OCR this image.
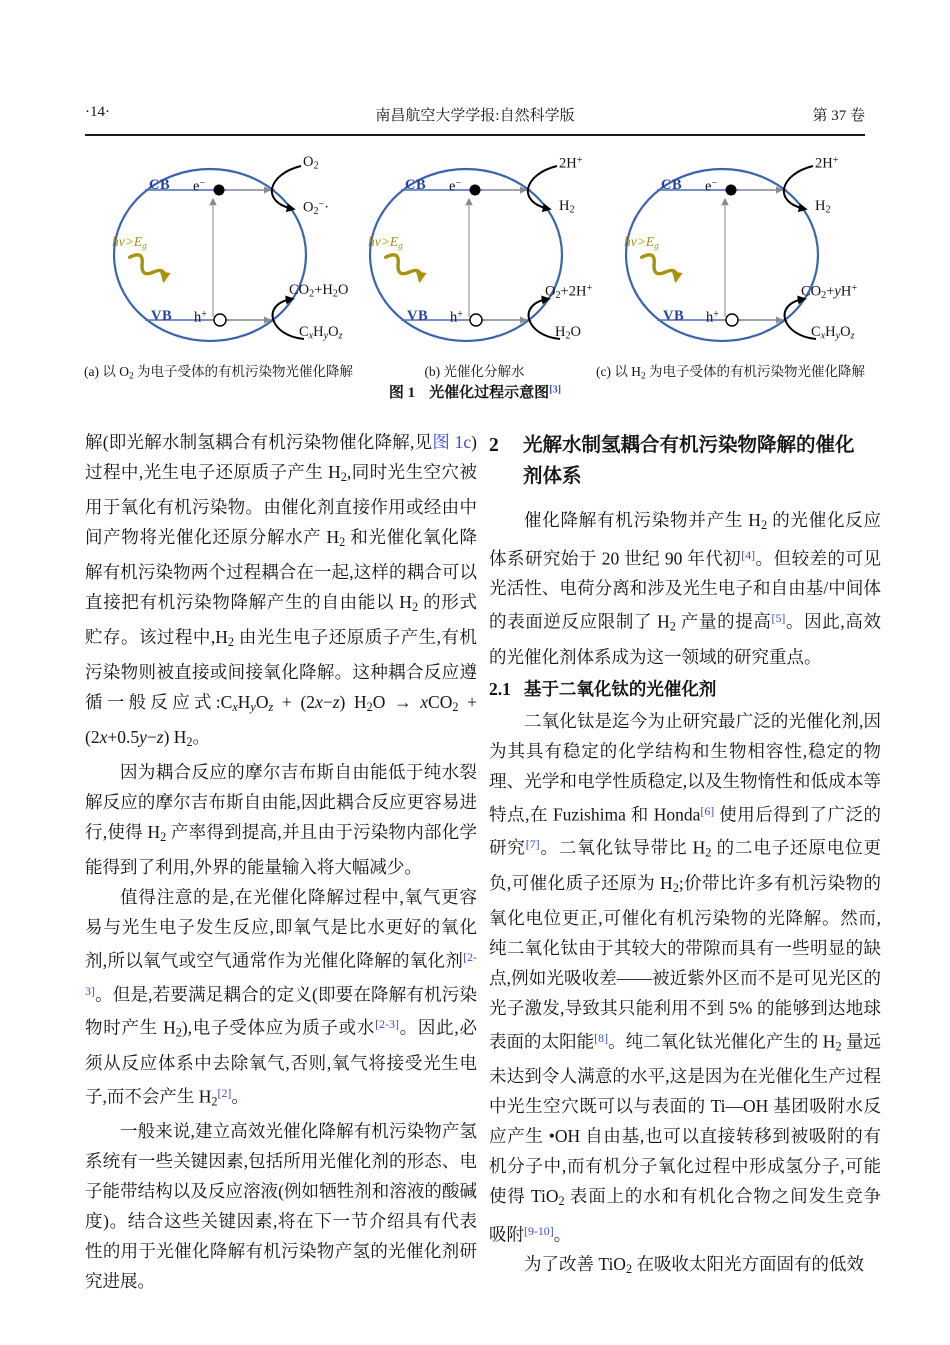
·14·	南昌航空大学学报:自然科学版	第 37 卷
CB e−
hν>Eg
VB h+
O2
O2−·
CO2+H2O
CxHyOz
(a) 以 O2 为电子受体的有机污染物光催化降解
CB e−
hν>Eg
VB h+
2H+
H2
O2+2H+
H2O
(b) 光催化分解水
CB e−
hν>Eg
VB h+
2H+
H2
CO2+yH+
CxHyOz
(c) 以 H2 为电子受体的有机污染物光催化降解
图 1 光催化过程示意图[3]

解(即光解水制氢耦合有机污染物催化降解,见图 1c)过程中,光生电子还原质子产生 H2,同时光生空穴被用于氧化有机污染物。由催化剂直接作用或经由中间产物将光催化还原分解水产 H2 和光催化氧化降解有机污染物两个过程耦合在一起,这样的耦合可以直接把有机污染物降解产生的自由能以 H2 的形式贮存。该过程中,H2 由光生电子还原质子产生,有机污染物则被直接或间接氧化降解。这种耦合反应遵循一般反应式:CxHyOz + (2x−z) H2O → xCO2 + (2x+0.5y−z) H2。

因为耦合反应的摩尔吉布斯自由能低于纯水裂解反应的摩尔吉布斯自由能,因此耦合反应更容易进行,使得 H2 产率得到提高,并且由于污染物内部化学能得到了利用,外界的能量输入将大幅减少。

值得注意的是,在光催化降解过程中,氧气更容易与光生电子发生反应,即氧气是比水更好的氧化剂,所以氧气或空气通常作为光催化降解的氧化剂[2-3]。但是,若要满足耦合的定义(即要在降解有机污染物时产生 H2),电子受体应为质子或水[2-3]。因此,必须从反应体系中去除氧气,否则,氧气将接受光生电子,而不会产生 H2[2]。

一般来说,建立高效光催化降解有机污染物产氢系统有一些关键因素,包括所用光催化剂的形态、电子能带结构以及反应溶液(例如牺牲剂和溶液的酸碱度)。结合这些关键因素,将在下一节介绍具有代表性的用于光催化降解有机污染物产氢的光催化剂研究进展。

2	光解水制氢耦合有机污染物降解的催化剂体系

催化降解有机污染物并产生 H2 的光催化反应体系研究始于 20 世纪 90 年代初[4]。但较差的可见光活性、电荷分离和涉及光生电子和自由基/中间体的表面逆反应限制了 H2 产量的提高[5]。因此,高效的光催化剂体系成为这一领域的研究重点。

2.1 基于二氧化钛的光催化剂

二氧化钛是迄今为止研究最广泛的光催化剂,因为其具有稳定的化学结构和生物相容性,稳定的物理、光学和电学性质稳定,以及生物惰性和低成本等特点,在 Fuzishima 和 Honda[6] 使用后得到了广泛的研究[7]。二氧化钛导带比 H2 的二电子还原电位更负,可催化质子还原为 H2;价带比许多有机污染物的氧化电位更正,可催化有机污染物的光降解。然而,纯二氧化钛由于其较大的带隙而具有一些明显的缺点,例如光吸收差——被近紫外区而不是可见光区的光子激发,导致其只能利用不到 5% 的能够到达地球表面的太阳能[8]。纯二氧化钛光催化产生的 H2 量远未达到令人满意的水平,这是因为在光催化生产过程中光生空穴既可以与表面的 Ti—OH 基团吸附水反应产生 •OH 自由基,也可以直接转移到被吸附的有机分子中,而有机分子氧化过程中形成氢分子,可能使得 TiO2 表面上的水和有机化合物之间发生竞争吸附[9-10]。

为了改善 TiO2 在吸收太阳光方面固有的低效
